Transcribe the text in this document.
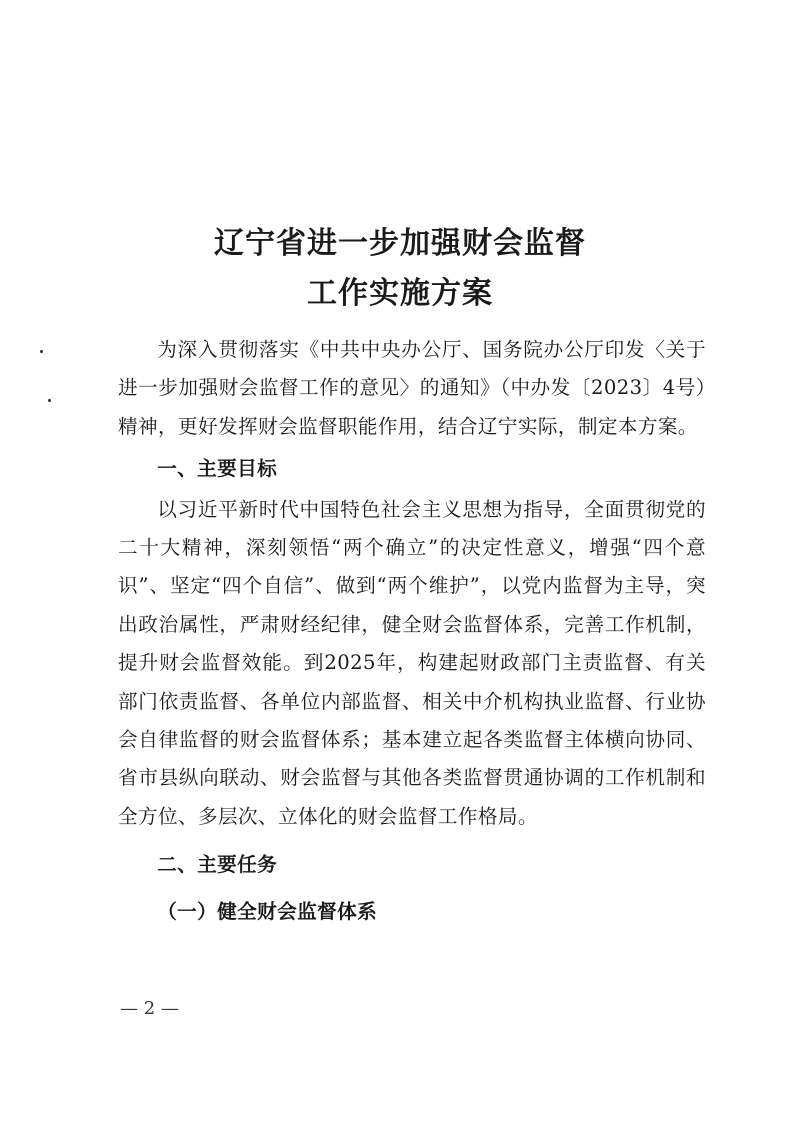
辽宁省进一步加强财会监督
工作实施方案

为深入贯彻落实《中共中央办公厅、国务院办公厅印发〈关于进一步加强财会监督工作的意见〉的通知》（中办发〔2023〕4号）精神，更好发挥财会监督职能作用，结合辽宁实际，制定本方案。

一、主要目标

以习近平新时代中国特色社会主义思想为指导，全面贯彻党的二十大精神，深刻领悟“两个确立”的决定性意义，增强“四个意识”、坚定“四个自信”、做到“两个维护”，以党内监督为主导，突出政治属性，严肃财经纪律，健全财会监督体系，完善工作机制，提升财会监督效能。到2025年，构建起财政部门主责监督、有关部门依责监督、各单位内部监督、相关中介机构执业监督、行业协会自律监督的财会监督体系；基本建立起各类监督主体横向协同、省市县纵向联动、财会监督与其他各类监督贯通协调的工作机制和全方位、多层次、立体化的财会监督工作格局。

二、主要任务

（一）健全财会监督体系

— 2 —
